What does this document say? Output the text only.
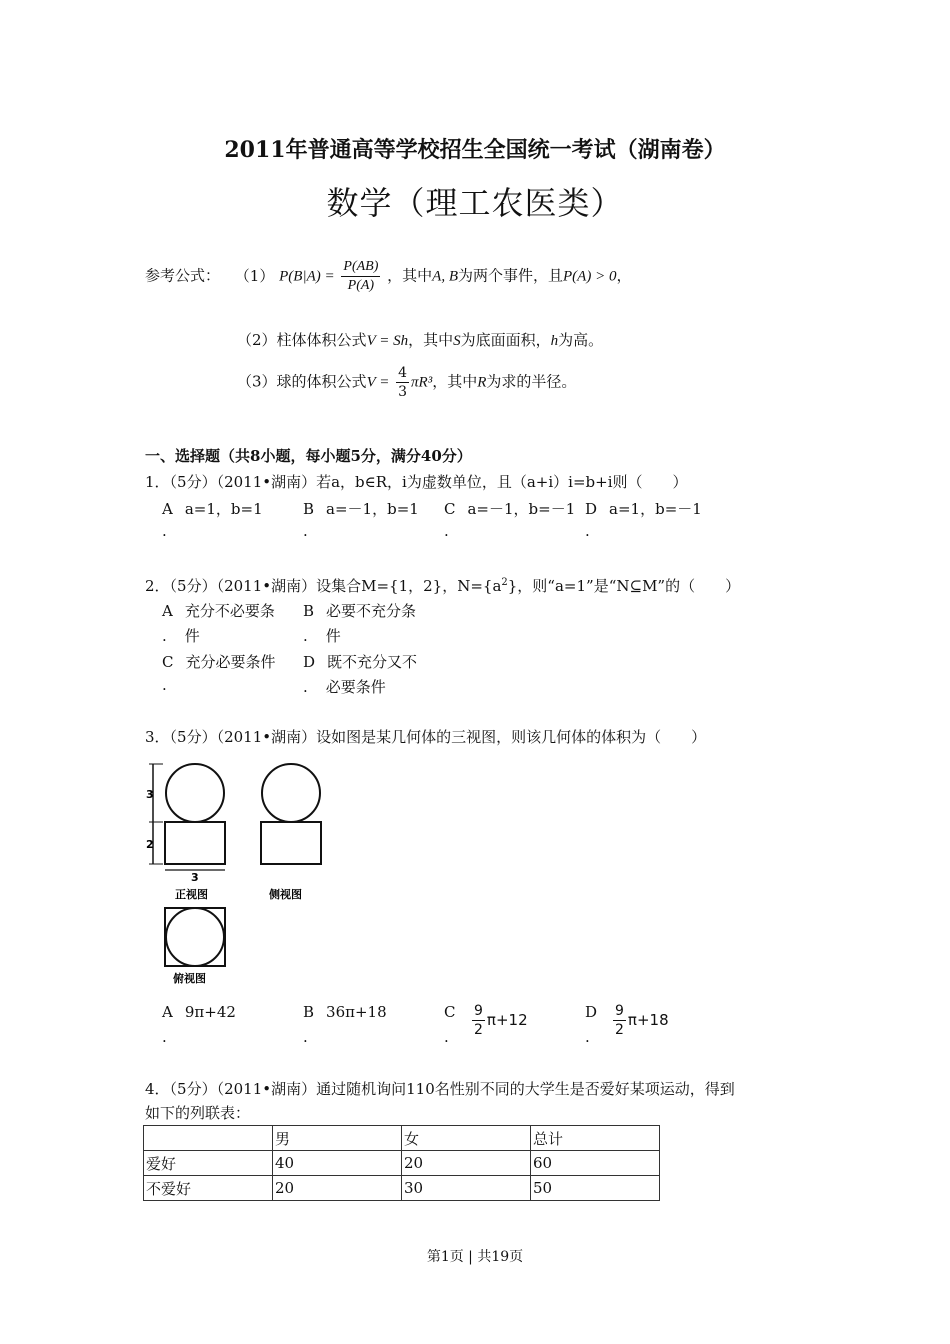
2011年普通高等学校招生全国统一考试（湖南卷）
数学（理工农医类）
参考公式： （1） $P(B|A) = \frac{P(AB)}{P(A)}$ ，其中A, B为两个事件，且P(A) > 0，
（2）柱体体积公式V = Sh，其中S为底面面积，h为高。
（3）球的体积公式$V = \frac{4}{3} \pi R^3$，其中R为求的半径。
一、选择题（共8小题，每小题5分，满分40分）
1．（5分）（2011•湖南）若a，b∈R，i为虚数单位，且（a+i）i=b+i则（　　）
A a=1，b=1	B a=－1，b=1 C a=－1，b=－1 D a=1，b=－1
.	.	.	.
2．（5分）（2011•湖南）设集合M={1，2}，$N=\{a^2\}$，则“a=1”是“N⊆M”的（　　）
A 充分不必要条
. 件
B 必要不充分条
. 件
C 充分必要条件
.
D 既不充分又不
. 必要条件
3．（5分）（2011•湖南）设如图是某几何体的三视图，则该几何体的体积为（　　）
3
2
3
正视图	侧视图
俯视图
A 9π+42	B 36π+18	C $\frac{9}{2} \pi+12$	D $\frac{9}{2} \pi+18$
.	.	.	.
4．（5分）（2011•湖南）通过随机询问110名性别不同的大学生是否爱好某项运动，得到
如下的列联表：
	男	女	总计
爱好	40	20	60
不爱好	20	30	50
第1页 | 共19页
